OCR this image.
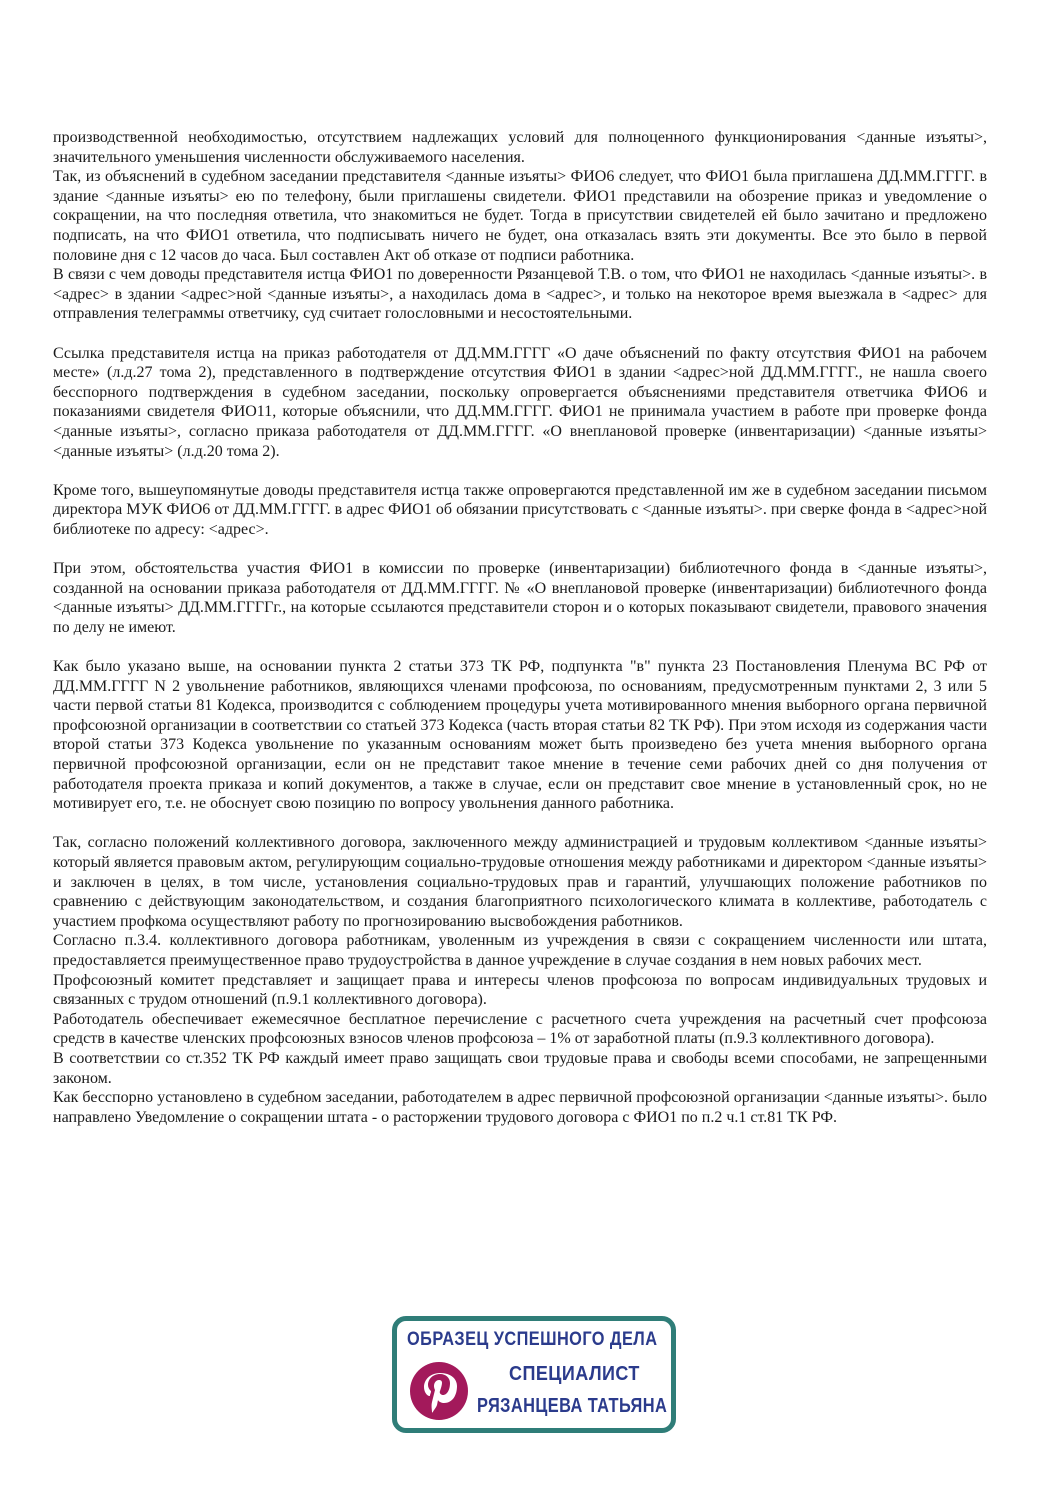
производственной необходимостью, отсутствием надлежащих условий для полноценного функционирования <данные изъяты>, значительного уменьшения численности обслуживаемого населения.

Так, из объяснений в судебном заседании представителя <данные изъяты> ФИО6 следует, что ФИО1 была приглашена ДД.ММ.ГГГГ. в здание <данные изъяты> ею по телефону, были приглашены свидетели. ФИО1 представили на обозрение приказ и уведомление о сокращении, на что последняя ответила, что знакомиться не будет. Тогда в присутствии свидетелей ей было зачитано и предложено подписать, на что ФИО1 ответила, что подписывать ничего не будет, она отказалась взять эти документы. Все это было в первой половине дня с 12 часов до часа. Был составлен Акт об отказе от подписи работника.

В связи с чем доводы представителя истца ФИО1 по доверенности Рязанцевой Т.В. о том, что ФИО1 не находилась <данные изъяты>. в <адрес> в здании <адрес>ной <данные изъяты>, а находилась дома в <адрес>, и только на некоторое время выезжала в <адрес> для отправления телеграммы ответчику, суд считает голословными и несостоятельными.

Ссылка представителя истца на приказ работодателя от ДД.ММ.ГГГГ «О даче объяснений по факту отсутствия ФИО1 на рабочем месте» (л.д.27 тома 2), представленного в подтверждение отсутствия ФИО1 в здании <адрес>ной ДД.ММ.ГГГГ., не нашла своего бесспорного подтверждения в судебном заседании, поскольку опровергается объяснениями представителя ответчика ФИО6 и показаниями свидетеля ФИО11, которые объяснили, что ДД.ММ.ГГГГ. ФИО1 не принимала участием в работе при проверке фонда <данные изъяты>, согласно приказа работодателя от ДД.ММ.ГГГГ. «О внеплановой проверке (инвентаризации) <данные изъяты><данные изъяты> (л.д.20 тома 2).

Кроме того, вышеупомянутые доводы представителя истца также опровергаются представленной им же в судебном заседании письмом директора МУК ФИО6 от ДД.ММ.ГГГГ. в адрес ФИО1 об обязании присутствовать с <данные изъяты>. при сверке фонда в <адрес>ной библиотеке по адресу: <адрес>.

При этом, обстоятельства участия ФИО1 в комиссии по проверке (инвентаризации) библиотечного фонда в <данные изъяты>, созданной на основании приказа работодателя от ДД.ММ.ГГГГ. № «О внеплановой проверке (инвентаризации) библиотечного фонда <данные изъяты> ДД.ММ.ГГГГг., на которые ссылаются представители сторон и о которых показывают свидетели, правового значения по делу не имеют.

Как было указано выше, на основании пункта 2 статьи 373 ТК РФ, подпункта "в" пункта 23 Постановления Пленума ВС РФ от ДД.ММ.ГГГГ N 2 увольнение работников, являющихся членами профсоюза, по основаниям, предусмотренным пунктами 2, 3 или 5 части первой статьи 81 Кодекса, производится с соблюдением процедуры учета мотивированного мнения выборного органа первичной профсоюзной организации в соответствии со статьей 373 Кодекса (часть вторая статьи 82 ТК РФ). При этом исходя из содержания части второй статьи 373 Кодекса увольнение по указанным основаниям может быть произведено без учета мнения выборного органа первичной профсоюзной организации, если он не представит такое мнение в течение семи рабочих дней со дня получения от работодателя проекта приказа и копий документов, а также в случае, если он представит свое мнение в установленный срок, но не мотивирует его, т.е. не обоснует свою позицию по вопросу увольнения данного работника.

Так, согласно положений коллективного договора, заключенного между администрацией и трудовым коллективом <данные изъяты> который является правовым актом, регулирующим социально-трудовые отношения между работниками и директором <данные изъяты> и заключен в целях, в том числе, установления социально-трудовых прав и гарантий, улучшающих положение работников по сравнению с действующим законодательством, и создания благоприятного психологического климата в коллективе, работодатель с участием профкома осуществляют работу по прогнозированию высвобождения работников.

Согласно п.3.4. коллективного договора работникам, уволенным из учреждения в связи с сокращением численности или штата, предоставляется преимущественное право трудоустройства в данное учреждение в случае создания в нем новых рабочих мест.

Профсоюзный комитет представляет и защищает права и интересы членов профсоюза по вопросам индивидуальных трудовых и связанных с трудом отношений (п.9.1 коллективного договора).

Работодатель обеспечивает ежемесячное бесплатное перечисление с расчетного счета учреждения на расчетный счет профсоюза средств в качестве членских профсоюзных взносов членов профсоюза – 1% от заработной платы (п.9.3 коллективного договора).

В соответствии со ст.352 ТК РФ каждый имеет право защищать свои трудовые права и свободы всеми способами, не запрещенными законом.

Как бесспорно установлено в судебном заседании, работодателем в адрес первичной профсоюзной организации <данные изъяты>. было направлено Уведомление о сокращении штата - о расторжении трудового договора с ФИО1 по п.2 ч.1 ст.81 ТК РФ.

ОБРАЗЕЦ УСПЕШНОГО ДЕЛА
СПЕЦИАЛИСТ
РЯЗАНЦЕВА ТАТЬЯНА
